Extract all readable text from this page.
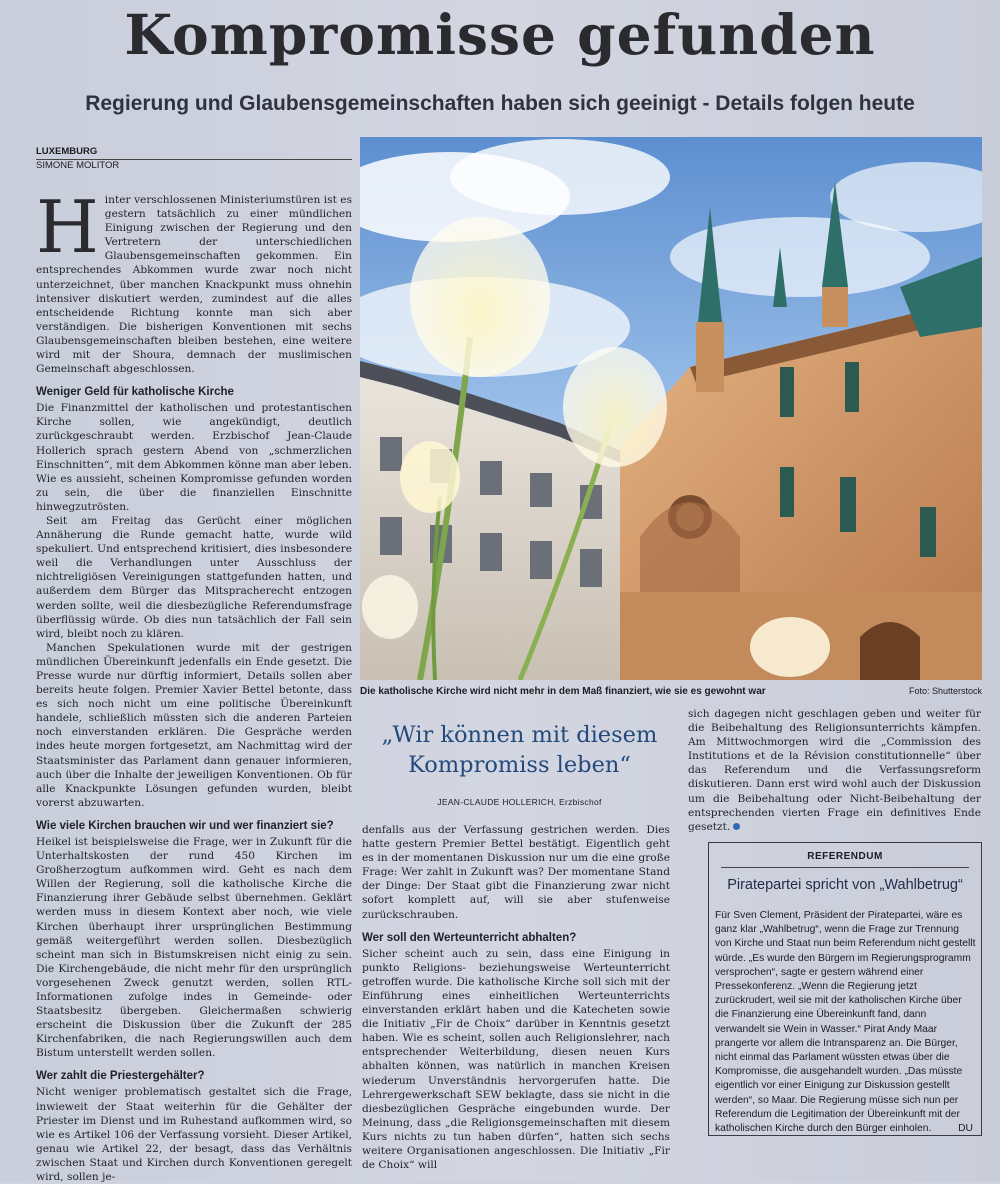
Kompromisse gefunden
Regierung und Glaubensgemeinschaften haben sich geeinigt - Details folgen heute
LUXEMBURG
SIMONE MOLITOR

Hinter verschlossenen Ministeriumstüren ist es gestern tatsächlich zu einer mündlichen Einigung zwischen der Regierung und den Vertretern der unterschiedlichen Glaubensgemeinschaften gekommen. Ein entsprechendes Abkommen wurde zwar noch nicht unterzeichnet, über manchen Knackpunkt muss ohnehin intensiver diskutiert werden, zumindest auf die alles entscheidende Richtung konnte man sich aber verständigen. Die bisherigen Konventionen mit sechs Glaubensgemeinschaften bleiben bestehen, eine weitere wird mit der Shoura, demnach der muslimischen Gemeinschaft abgeschlossen.

Weniger Geld für katholische Kirche

Die Finanzmittel der katholischen und protestantischen Kirche sollen, wie angekündigt, deutlich zurückgeschraubt werden. Erzbischof Jean-Claude Hollerich sprach gestern Abend von „schmerzlichen Einschnitten“, mit dem Abkommen könne man aber leben. Wie es aussieht, scheinen Kompromisse gefunden worden zu sein, die über die finanziellen Einschnitte hinwegzutrösten.

Seit am Freitag das Gerücht einer möglichen Annäherung die Runde gemacht hatte, wurde wild spekuliert. Und entsprechend kritisiert, dies insbesondere weil die Verhandlungen unter Ausschluss der nichtreligiösen Vereinigungen stattgefunden hatten, und außerdem dem Bürger das Mitspracherecht entzogen werden sollte, weil die diesbezügliche Referendumsfrage überflüssig würde. Ob dies nun tatsächlich der Fall sein wird, bleibt noch zu klären.

Manchen Spekulationen wurde mit der gestrigen mündlichen Übereinkunft jedenfalls ein Ende gesetzt. Die Presse wurde nur dürftig informiert, Details sollen aber bereits heute folgen. Premier Xavier Bettel betonte, dass es sich noch nicht um eine politische Übereinkunft handele, schließlich müssten sich die anderen Parteien noch einverstanden erklären. Die Gespräche werden indes heute morgen fortgesetzt, am Nachmittag wird der Staatsminister das Parlament dann genauer informieren, auch über die Inhalte der jeweiligen Konventionen. Ob für alle Knackpunkte Lösungen gefunden wurden, bleibt vorerst abzuwarten.

Wie viele Kirchen brauchen wir und wer finanziert sie?

Heikel ist beispielsweise die Frage, wer in Zukunft für die Unterhaltskosten der rund 450 Kirchen im Großherzogtum aufkommen wird. Geht es nach dem Willen der Regierung, soll die katholische Kirche die Finanzierung ihrer Gebäude selbst übernehmen. Geklärt werden muss in diesem Kontext aber noch, wie viele Kirchen überhaupt ihrer ursprünglichen Bestimmung gemäß weitergeführt werden sollen. Diesbezüglich scheint man sich in Bistumskreisen nicht einig zu sein. Die Kirchengebäude, die nicht mehr für den ursprünglich vorgesehenen Zweck genutzt werden, sollen RTL-Informationen zufolge indes in Gemeinde- oder Staatsbesitz übergeben. Gleichermaßen schwierig erscheint die Diskussion über die Zukunft der 285 Kirchenfabriken, die nach Regierungswillen auch dem Bistum unterstellt werden sollen.

Wer zahlt die Priestergehälter?

Nicht weniger problematisch gestaltet sich die Frage, inwieweit der Staat weiterhin für die Gehälter der Priester im Dienst und im Ruhestand aufkommen wird, so wie es Artikel 106 der Verfassung vorsieht. Dieser Artikel, genau wie Artikel 22, der besagt, dass das Verhältnis zwischen Staat und Kirchen durch Konventionen geregelt wird, sollen je-

Die katholische Kirche wird nicht mehr in dem Maß finanziert, wie sie es gewohnt war	Foto: Shutterstock
„Wir können mit diesem Kompromiss leben“
JEAN-CLAUDE HOLLERICH, Erzbischof

denfalls aus der Verfassung gestrichen werden. Dies hatte gestern Premier Bettel bestätigt. Eigentlich geht es in der momentanen Diskussion nur um die eine große Frage: Wer zahlt in Zukunft was? Der momentane Stand der Dinge: Der Staat gibt die Finanzierung zwar nicht sofort komplett auf, will sie aber stufenweise zurückschrauben.

Wer soll den Werteunterricht abhalten?

Sicher scheint auch zu sein, dass eine Einigung in punkto Religions- beziehungsweise Werteunterricht getroffen wurde. Die katholische Kirche soll sich mit der Einführung eines einheitlichen Werteunterrichts einverstanden erklärt haben und die Katecheten sowie die Initiativ „Fir de Choix“ darüber in Kenntnis gesetzt haben. Wie es scheint, sollen auch Religionslehrer, nach entsprechender Weiterbildung, diesen neuen Kurs abhalten können, was natürlich in manchen Kreisen wiederum Unverständnis hervorgerufen hatte. Die Lehrergewerkschaft SEW beklagte, dass sie nicht in die diesbezüglichen Gespräche eingebunden wurde. Der Meinung, dass „die Religionsgemeinschaften mit diesem Kurs nichts zu tun haben dürfen“, hatten sich sechs weitere Organisationen angeschlossen. Die Initiativ „Fir de Choix“ will

sich dagegen nicht geschlagen geben und weiter für die Beibehaltung des Religionsunterrichts kämpfen. Am Mittwochmorgen wird die „Commission des Institutions et de la Révision constitutionnelle“ über das Referendum und die Verfassungsreform diskutieren. Dann erst wird wohl auch der Diskussion um die Beibehaltung oder Nicht-Beibehaltung der entsprechenden vierten Frage ein definitives Ende gesetzt.

REFERENDUM
Piratepartei spricht von „Wahlbetrug“

Für Sven Clement, Präsident der Piratepartei, wäre es ganz klar „Wahlbetrug“, wenn die Frage zur Trennung von Kirche und Staat nun beim Referendum nicht gestellt würde. „Es wurde den Bürgern im Regierungsprogramm versprochen“, sagte er gestern während einer Pressekonferenz. „Wenn die Regierung jetzt zurückrudert, weil sie mit der katholischen Kirche über die Finanzierung eine Übereinkunft fand, dann verwandelt sie Wein in Wasser.“ Pirat Andy Maar prangerte vor allem die Intransparenz an. Die Bürger, nicht einmal das Parlament wüssten etwas über die Kompromisse, die ausgehandelt wurden. „Das müsste eigentlich vor einer Einigung zur Diskussion gestellt werden“, so Maar. Die Regierung müsse sich nun per Referendum die Legitimation der Übereinkunft mit der katholischen Kirche durch den Bürger einholen.	DU
